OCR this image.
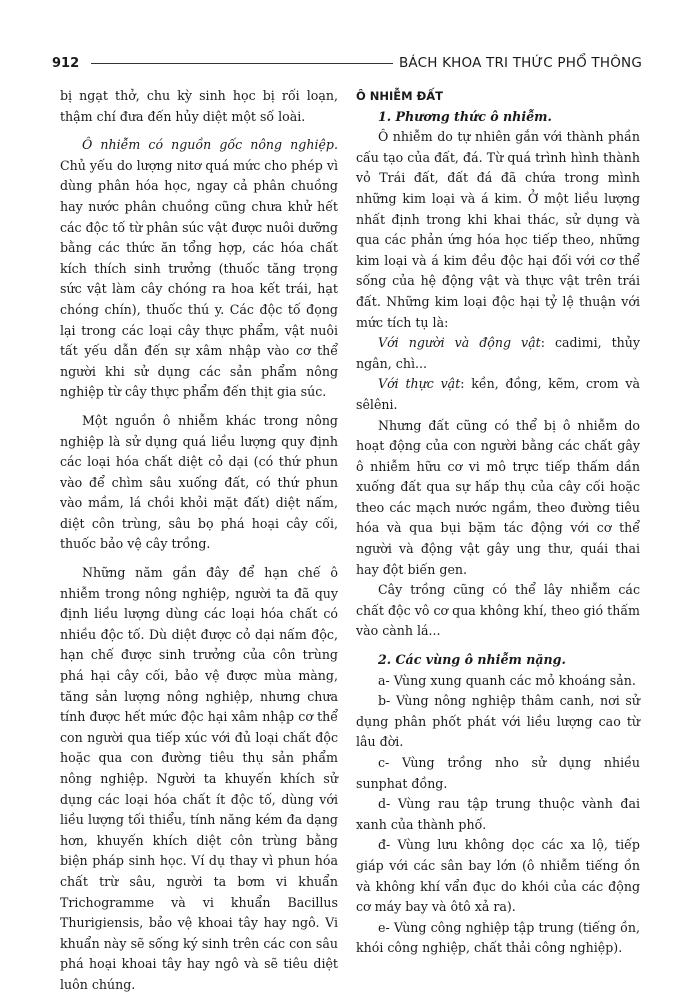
912	BÁCH KHOA TRI THỨC PHỔ THÔNG

bị ngạt thở, chu kỳ sinh học bị rối loạn, thậm chí đưa đến hủy diệt một số loài.

Ô nhiễm có nguồn gốc nông nghiệp. Chủ yếu do lượng nitơ quá mức cho phép vì dùng phân hóa học, ngay cả phân chuồng hay nước phân chuồng cũng chưa khử hết các độc tố từ phân súc vật được nuôi dưỡng bằng các thức ăn tổng hợp, các hóa chất kích thích sinh trưởng (thuốc tăng trọng sức vật làm cây chóng ra hoa kết trái, hạt chóng chín), thuốc thú y. Các độc tố đọng lại trong các loại cây thực phẩm, vật nuôi tất yếu dẫn đến sự xâm nhập vào cơ thể người khi sử dụng các sản phẩm nông nghiệp từ cây thực phẩm đến thịt gia súc.

Một nguồn ô nhiễm khác trong nông nghiệp là sử dụng quá liều lượng quy định các loại hóa chất diệt cỏ dại (có thứ phun vào để chìm sâu xuống đất, có thứ phun vào mầm, lá chồi khỏi mặt đất) diệt nấm, diệt côn trùng, sâu bọ phá hoại cây cối, thuốc bảo vệ cây trồng.

Những năm gần đây để hạn chế ô nhiễm trong nông nghiệp, người ta đã quy định liều lượng dùng các loại hóa chất có nhiều độc tố. Dù diệt được cỏ dại nấm độc, hạn chế được sinh trưởng của côn trùng phá hại cây cối, bảo vệ được mùa màng, tăng sản lượng nông nghiệp, nhưng chưa tính được hết mức độc hại xâm nhập cơ thể con người qua tiếp xúc với đủ loại chất độc hoặc qua con đường tiêu thụ sản phẩm nông nghiệp. Người ta khuyến khích sử dụng các loại hóa chất ít độc tố, dùng với liều lượng tối thiểu, tính năng kém đa dạng hơn, khuyến khích diệt côn trùng bằng biện pháp sinh học. Ví dụ thay vì phun hóa chất trừ sâu, người ta bơm vi khuẩn Trichogramme và vi khuẩn Bacillus Thurigiensis, bảo vệ khoai tây hay ngô. Vi khuẩn này sẽ sống ký sinh trên các con sâu phá hoại khoai tây hay ngô và sẽ tiêu diệt luôn chúng.

Ô NHIỄM ĐẤT

1. Phương thức ô nhiễm.

Ô nhiễm do tự nhiên gắn với thành phần cấu tạo của đất, đá. Từ quá trình hình thành vỏ Trái đất, đất đá đã chứa trong mình những kim loại và á kim. Ở một liều lượng nhất định trong khi khai thác, sử dụng và qua các phản ứng hóa học tiếp theo, những kim loại và á kim đều độc hại đối với cơ thể sống của hệ động vật và thực vật trên trái đất. Những kim loại độc hại tỷ lệ thuận với mức tích tụ là:

Với người và động vật: cadimi, thủy ngân, chì...

Với thực vật: kền, đồng, kẽm, crom và sêlêni.

Nhưng đất cũng có thể bị ô nhiễm do hoạt động của con người bằng các chất gây ô nhiễm hữu cơ vi mô trực tiếp thấm dần xuống đất qua sự hấp thụ của cây cối hoặc theo các mạch nước ngầm, theo đường tiêu hóa và qua bụi bặm tác động với cơ thể người và động vật gây ung thư, quái thai hay đột biến gen.

Cây trồng cũng có thể lây nhiễm các chất độc vô cơ qua không khí, theo gió thấm vào cành lá...

2. Các vùng ô nhiễm nặng.

a- Vùng xung quanh các mỏ khoáng sản.

b- Vùng nông nghiệp thâm canh, nơi sử dụng phân phốt phát với liều lượng cao từ lâu đời.

c- Vùng trồng nho sử dụng nhiều sunphat đồng.

d- Vùng rau tập trung thuộc vành đai xanh của thành phố.

đ- Vùng lưu không dọc các xa lộ, tiếp giáp với các sân bay lớn (ô nhiễm tiếng ồn và không khí vẩn đục do khói của các động cơ máy bay và ôtô xả ra).

e- Vùng công nghiệp tập trung (tiếng ồn, khói công nghiệp, chất thải công nghiệp).
